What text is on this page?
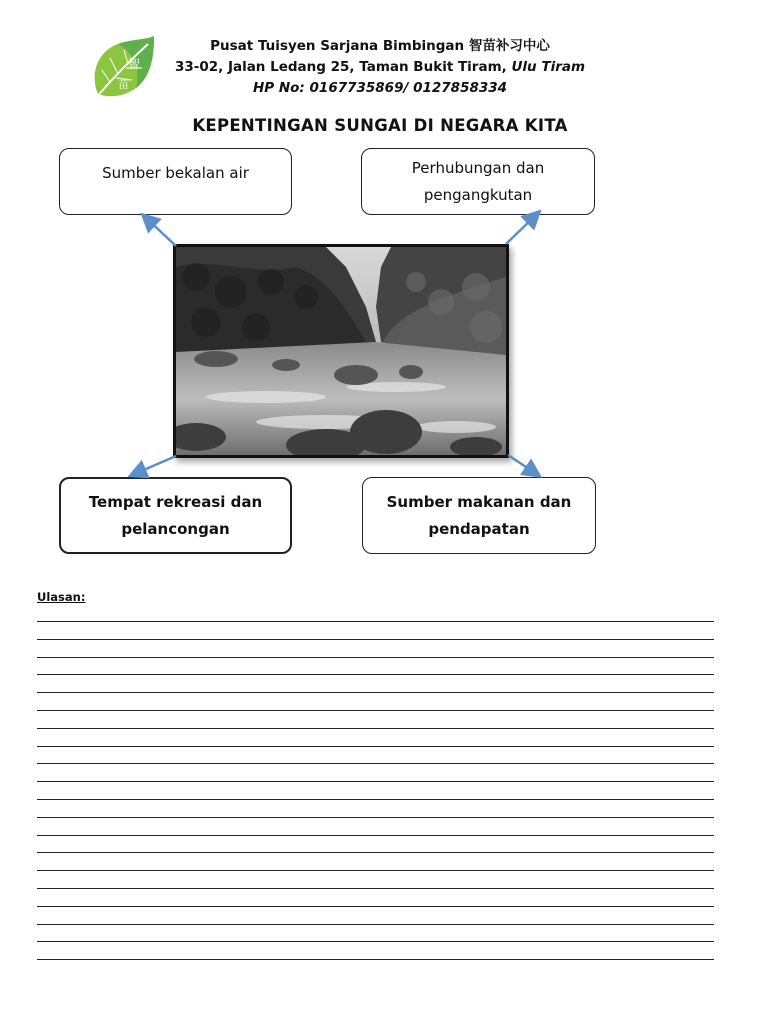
智
苗
Pusat Tuisyen Sarjana Bimbingan 智苗补习中心
33-02, Jalan Ledang 25, Taman Bukit Tiram, Ulu Tiram
HP No: 0167735869/ 0127858334
KEPENTINGAN SUNGAI DI NEGARA KITA
Sumber bekalan air	Perhubungan dan pengangkutan
Tempat rekreasi dan pelancongan
Sumber makanan dan pendapatan
Ulasan:
